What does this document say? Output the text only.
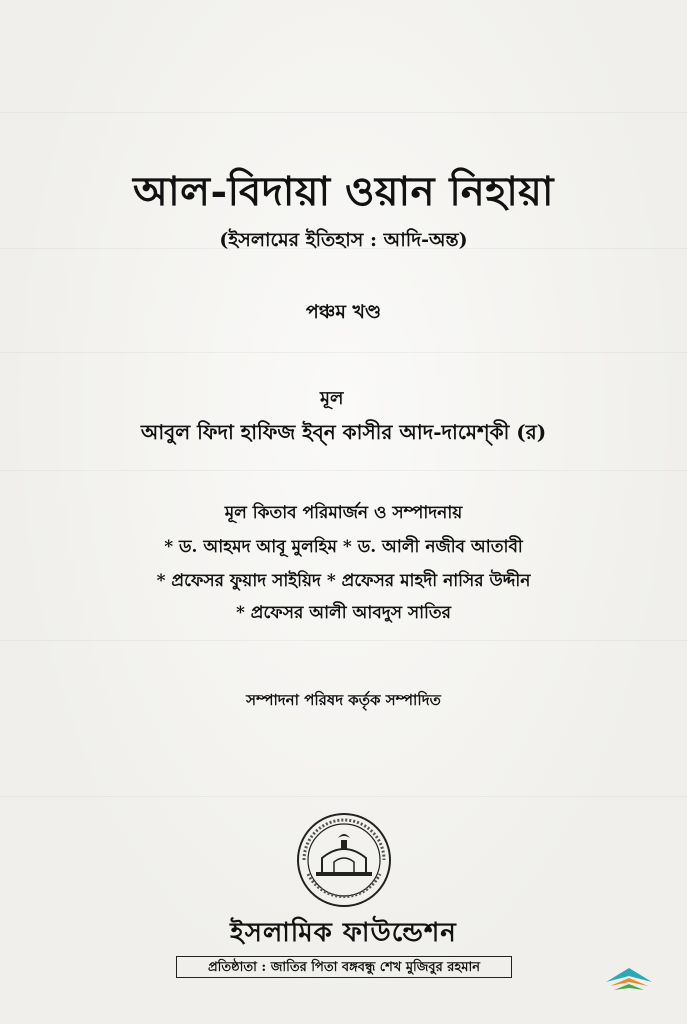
আল-বিদায়া ওয়ান নিহায়া
(ইসলামের ইতিহাস : আদি-অন্ত)
পঞ্চম খণ্ড
মূল
আবুল ফিদা হাফিজ ইব্‌ন কাসীর আদ-দামেশ্‌কী (র)
মূল কিতাব পরিমার্জন ও সম্পাদনায়
* ড. আহমদ আবূ মুলহিম * ড. আলী নজীব আতাবী
* প্রফেসর ফুয়াদ সাইয়িদ * প্রফেসর মাহদী নাসির উদ্দীন
* প্রফেসর আলী আবদুস সাতির
সম্পাদনা পরিষদ কর্তৃক সম্পাদিত
ইসলামিক ফাউন্ডেশন
প্রতিষ্ঠাতা : জাতির পিতা বঙ্গবন্ধু শেখ মুজিবুর রহমান
